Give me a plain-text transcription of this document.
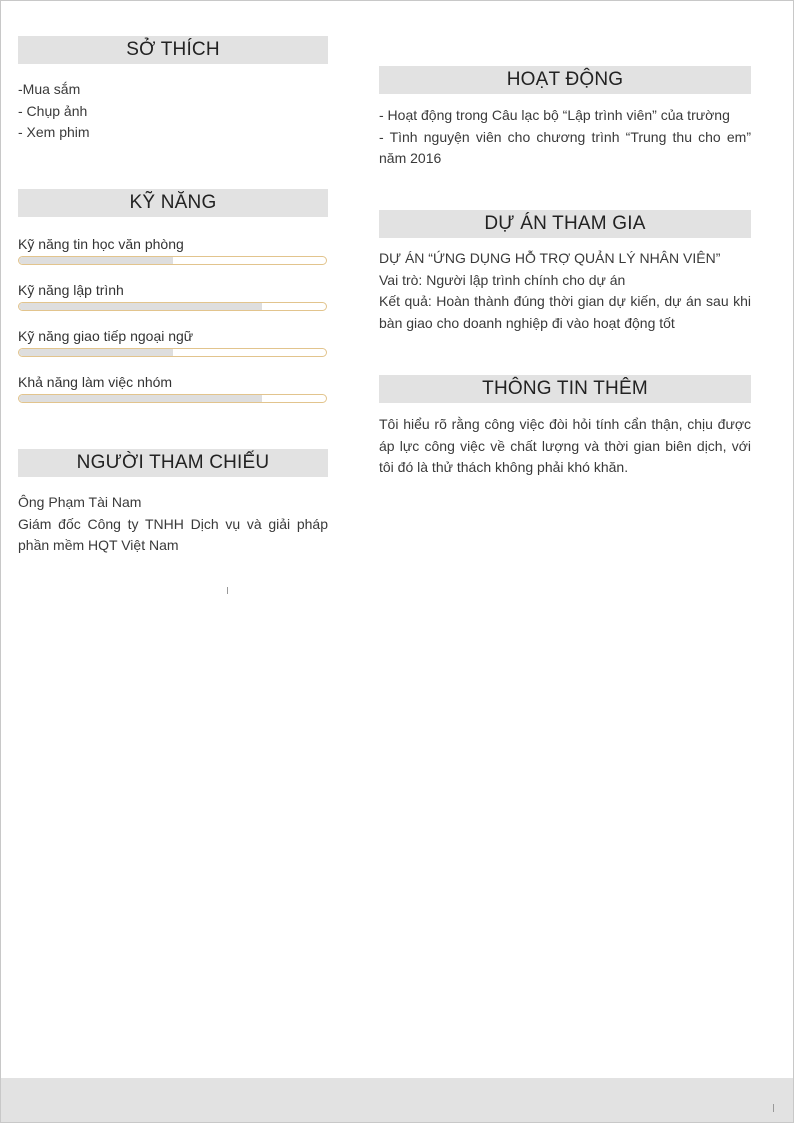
SỞ THÍCH

-Mua sắm

- Chụp ảnh

- Xem phim

KỸ NĂNG
Kỹ năng tin học văn phòng
Kỹ năng lập trình
Kỹ năng giao tiếp ngoại ngữ
Khả năng làm việc nhóm
NGƯỜI THAM CHIẾU

Ông Phạm Tài Nam

Giám đốc Công ty TNHH Dịch vụ và giải pháp phần mềm HQT Việt Nam

HOẠT ĐỘNG

- Hoạt động trong Câu lạc bộ “Lập trình viên” của trường

- Tình nguyện viên cho chương trình “Trung thu cho em” năm 2016

DỰ ÁN THAM GIA

DỰ ÁN “ỨNG DỤNG HỖ TRỢ QUẢN LÝ NHÂN VIÊN”

Vai trò: Người lập trình chính cho dự án

Kết quả: Hoàn thành đúng thời gian dự kiến, dự án sau khi bàn giao cho doanh nghiệp đi vào hoạt động tốt

THÔNG TIN THÊM

Tôi hiểu rõ rằng công việc đòi hỏi tính cẩn thận, chịu được áp lực công việc về chất lượng và thời gian biên dịch, với tôi đó là thử thách không phải khó khăn.
